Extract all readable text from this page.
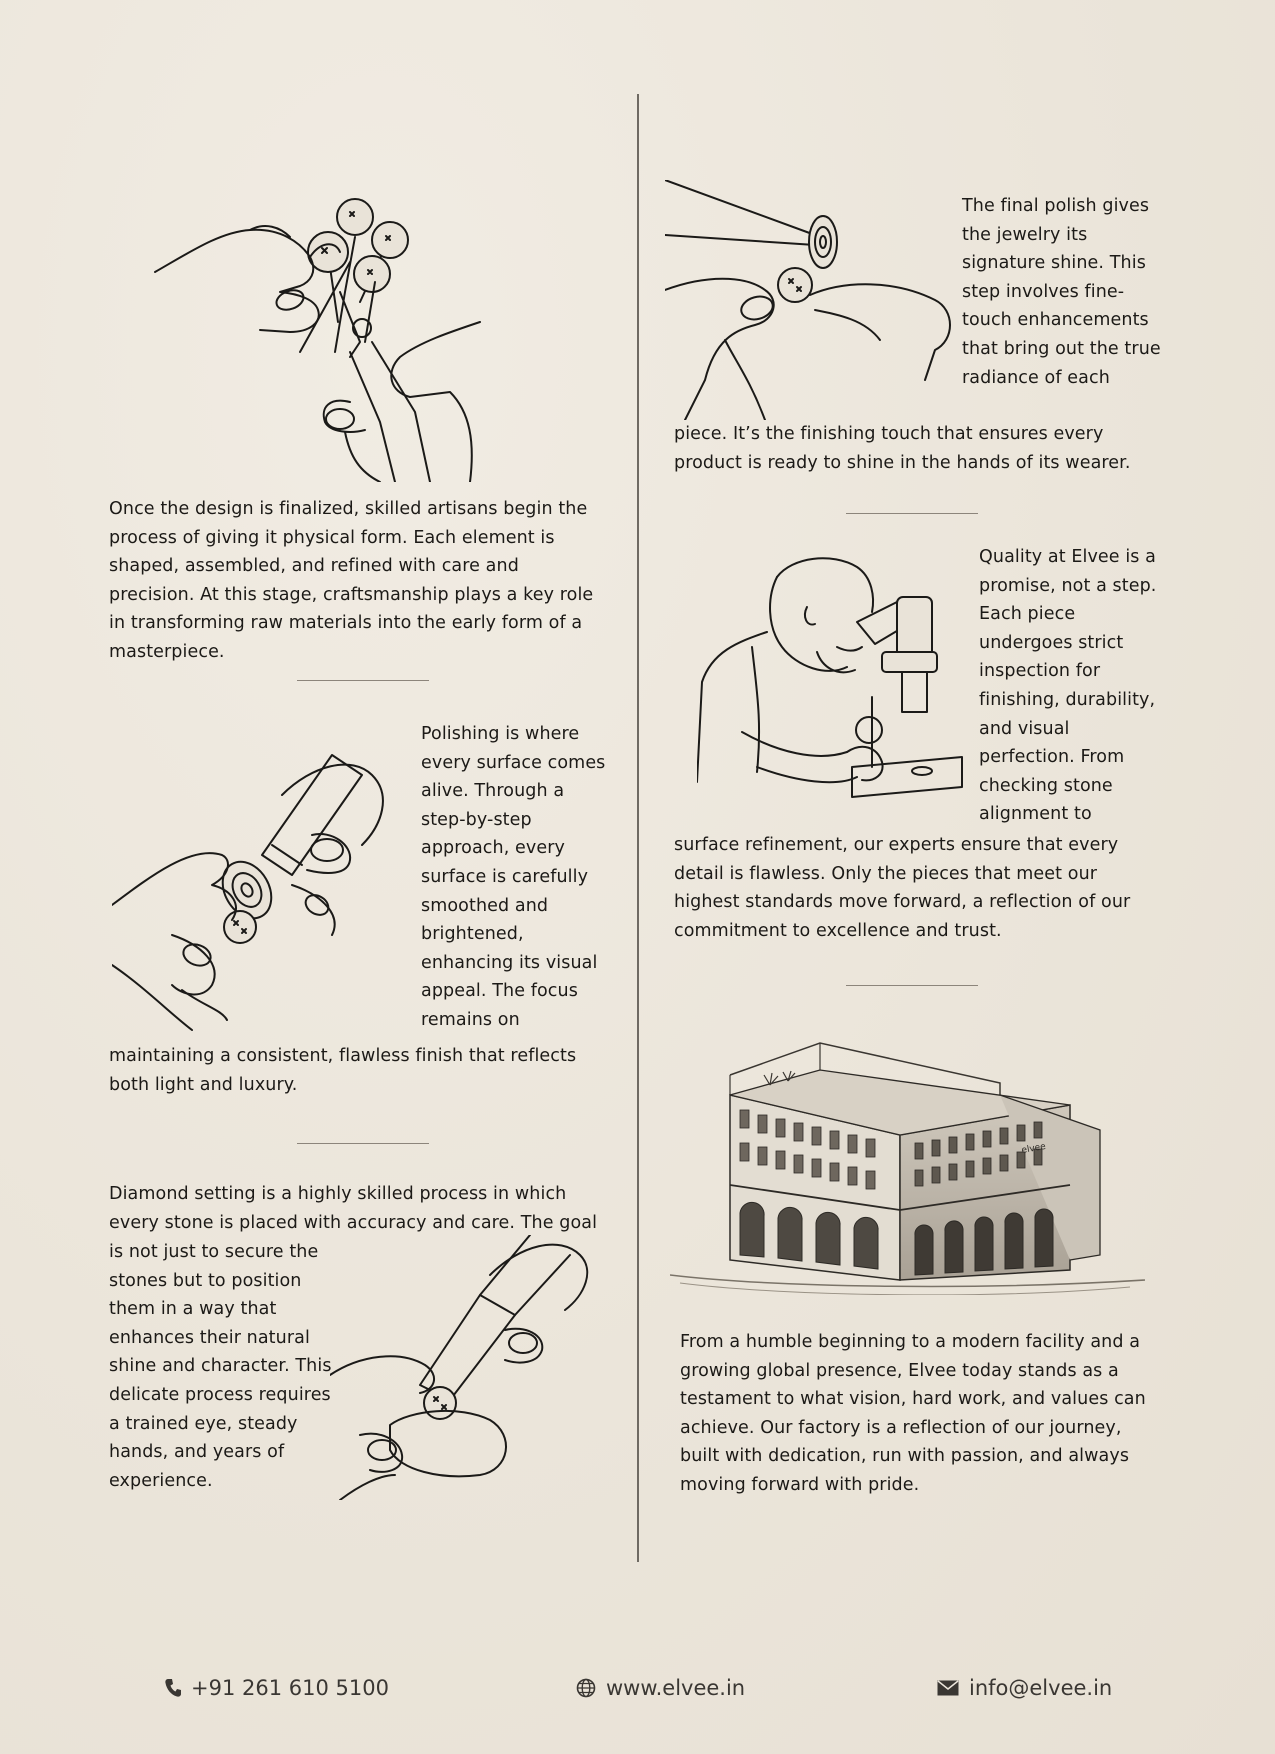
Once the design is finalized, skilled artisans begin the process of giving it physical form. Each element is shaped, assembled, and refined with care and precision. At this stage, craftsmanship plays a key role in transforming raw materials into the early form of a masterpiece.

Polishing is where every surface comes alive. Through a step-by-step approach, every surface is carefully smoothed and brightened, enhancing its visual appeal. The focus remains on

maintaining a consistent, flawless finish that reflects both light and luxury.

Diamond setting is a highly skilled process in which every stone is placed with accuracy and care. The goal

is not just to secure the stones but to position them in a way that enhances their natural shine and character. This delicate process requires a trained eye, steady hands, and years of experience.

The final polish gives the jewelry its signature shine. This step involves fine-touch enhancements that bring out the true radiance of each

piece. It’s the finishing touch that ensures every product is ready to shine in the hands of its wearer.

Quality at Elvee is a promise, not a step. Each piece undergoes strict inspection for finishing, durability, and visual perfection. From checking stone alignment to

surface refinement, our experts ensure that every detail is flawless. Only the pieces that meet our highest standards move forward, a reflection of our commitment to excellence and trust.

elvee

From a humble beginning to a modern facility and a growing global presence, Elvee today stands as a testament to what vision, hard work, and values can achieve. Our factory is a reflection of our journey, built with dedication, run with passion, and always moving forward with pride.

+91 261 610 5100	www.elvee.in	info@elvee.in
